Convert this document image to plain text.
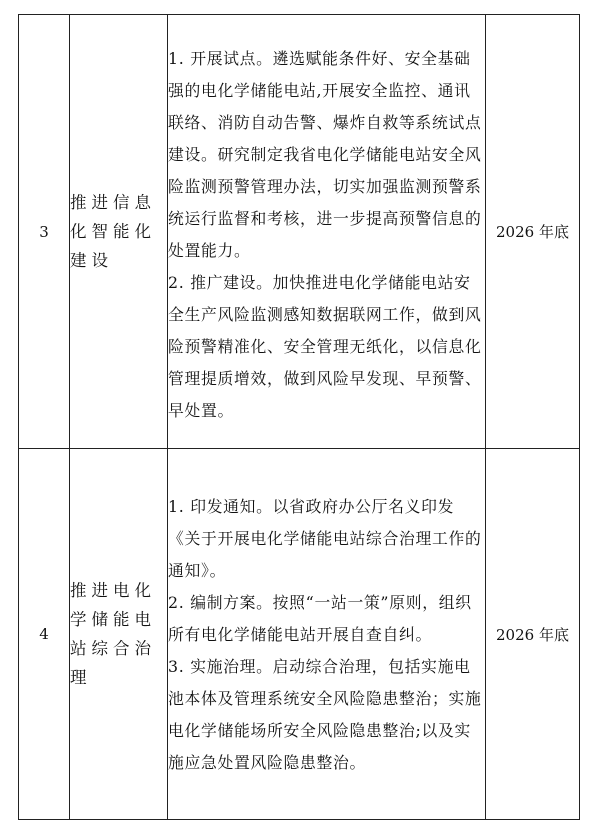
3	推进信息化智能化建设	1. 开展试点。遴选赋能条件好、安全基础强的电化学储能电站,开展安全监控、通讯联络、消防自动告警、爆炸自救等系统试点建设。研究制定我省电化学储能电站安全风险监测预警管理办法，切实加强监测预警系统运行监督和考核，进一步提高预警信息的处置能力。

2. 推广建设。加快推进电化学储能电站安全生产风险监测感知数据联网工作，做到风险预警精准化、安全管理无纸化，以信息化管理提质增效，做到风险早发现、早预警、早处置。	2026 年底
4	推进电化学储能电站综合治理	1. 印发通知。以省政府办公厅名义印发《关于开展电化学储能电站综合治理工作的通知》。

2. 编制方案。按照“一站一策”原则，组织所有电化学储能电站开展自查自纠。

3. 实施治理。启动综合治理，包括实施电池本体及管理系统安全风险隐患整治；实施电化学储能场所安全风险隐患整治;以及实施应急处置风险隐患整治。	2026 年底
